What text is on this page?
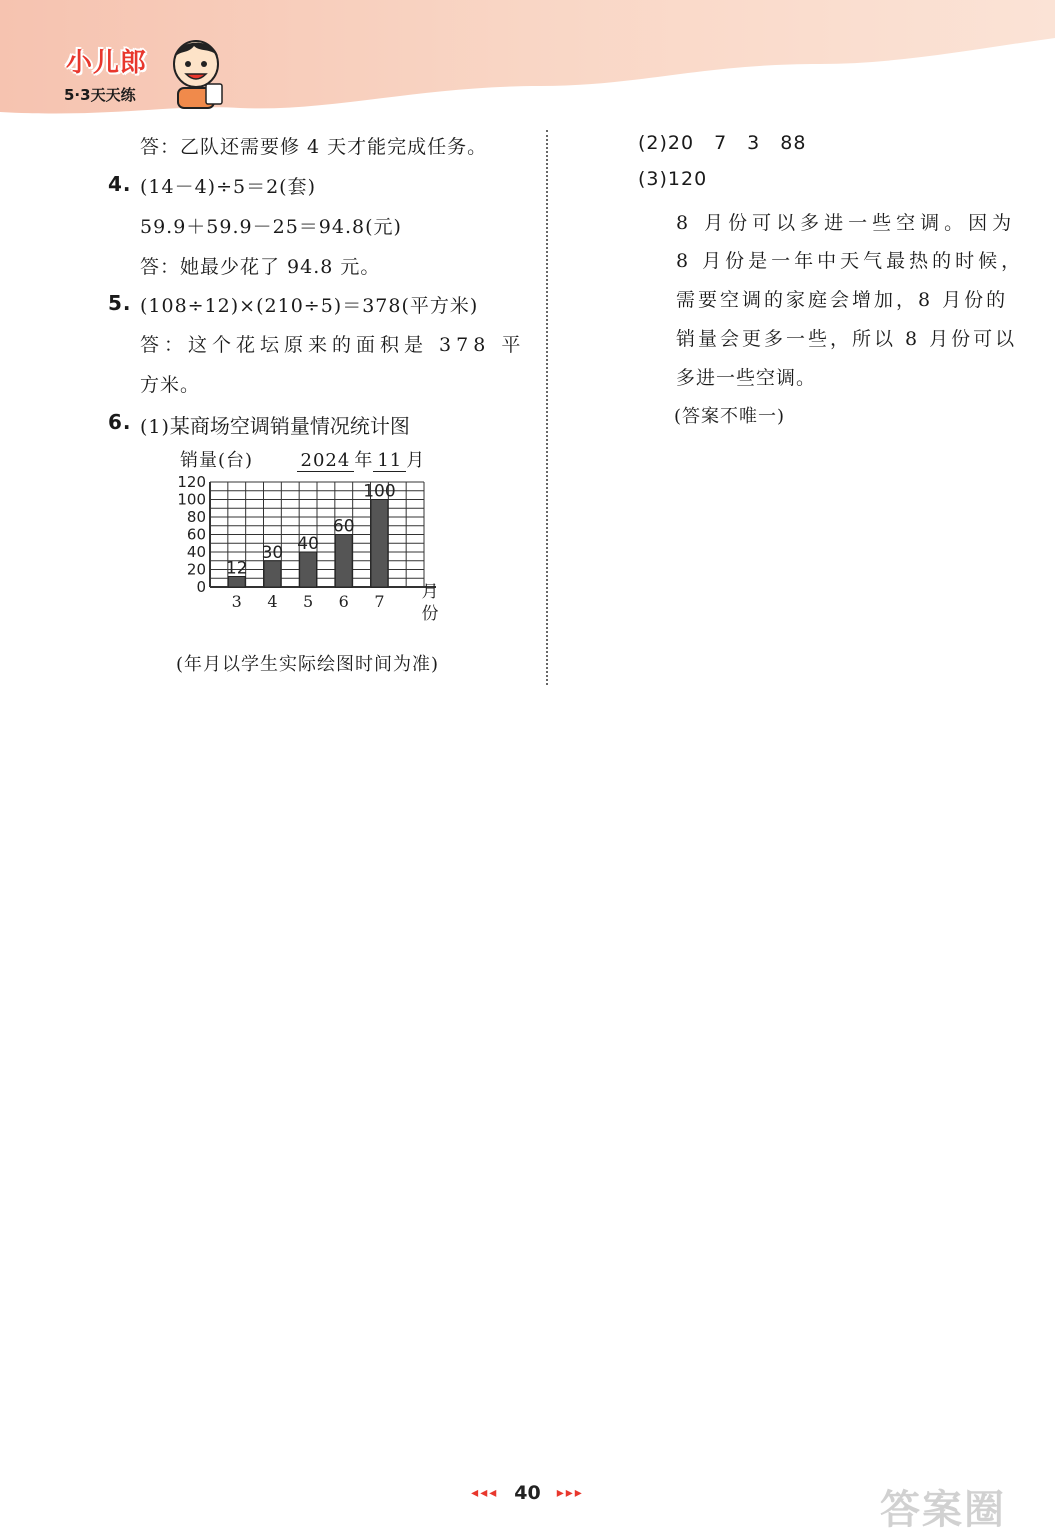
小儿郎
5·3天天练
答：乙队还需要修 4 天才能完成任务。
4. (14－4)÷5＝2(套)
59.9＋59.9－25＝94.8(元)
答：她最少花了 94.8 元。
5. (108÷12)×(210÷5)＝378(平方米)
答：这个花坛原来的面积是 378 平
方米。
6. (1)某商场空调销量情况统计图
销量(台)	2024 年 11 月
0
20
40
60
80
100
120
12
3
30
4
40
5
60
6
100
7 月
份
(年月以学生实际绘图时间为准)
(2)20　7　3　88
(3)120
8 月份可以多进一些空调。因为
8 月份是一年中天气最热的时候，
需要空调的家庭会增加，8 月份的
销量会更多一些，所以 8 月份可以
多进一些空调。
(答案不唯一)
◂◂◂ 40 ▸▸▸	答案圈
